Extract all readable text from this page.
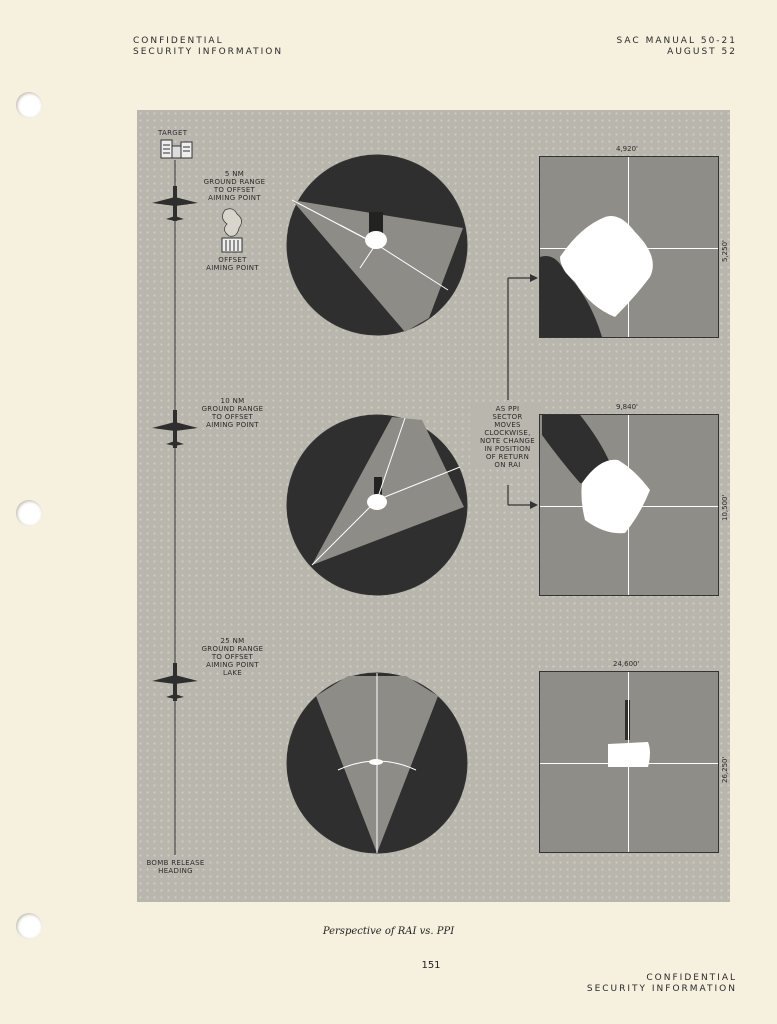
CONFIDENTIAL
SECURITY INFORMATION
SAC MANUAL 50-21
AUGUST 52
TARGET
5 NM
GROUND RANGE
TO OFFSET
AIMING POINT
OFFSET
AIMING POINT
10 NM
GROUND RANGE
TO OFFSET
AIMING POINT
25 NM
GROUND RANGE
TO OFFSET
AIMING POINT
LAKE
BOMB RELEASE
HEADING
AS PPI
SECTOR
MOVES
CLOCKWISE,
NOTE CHANGE
IN POSITION
OF RETURN
ON RAI
4,920'
5,250'
9,840'
10,500'
24,600'
26,250'
Perspective of RAI vs. PPI
151
CONFIDENTIAL
SECURITY INFORMATION
